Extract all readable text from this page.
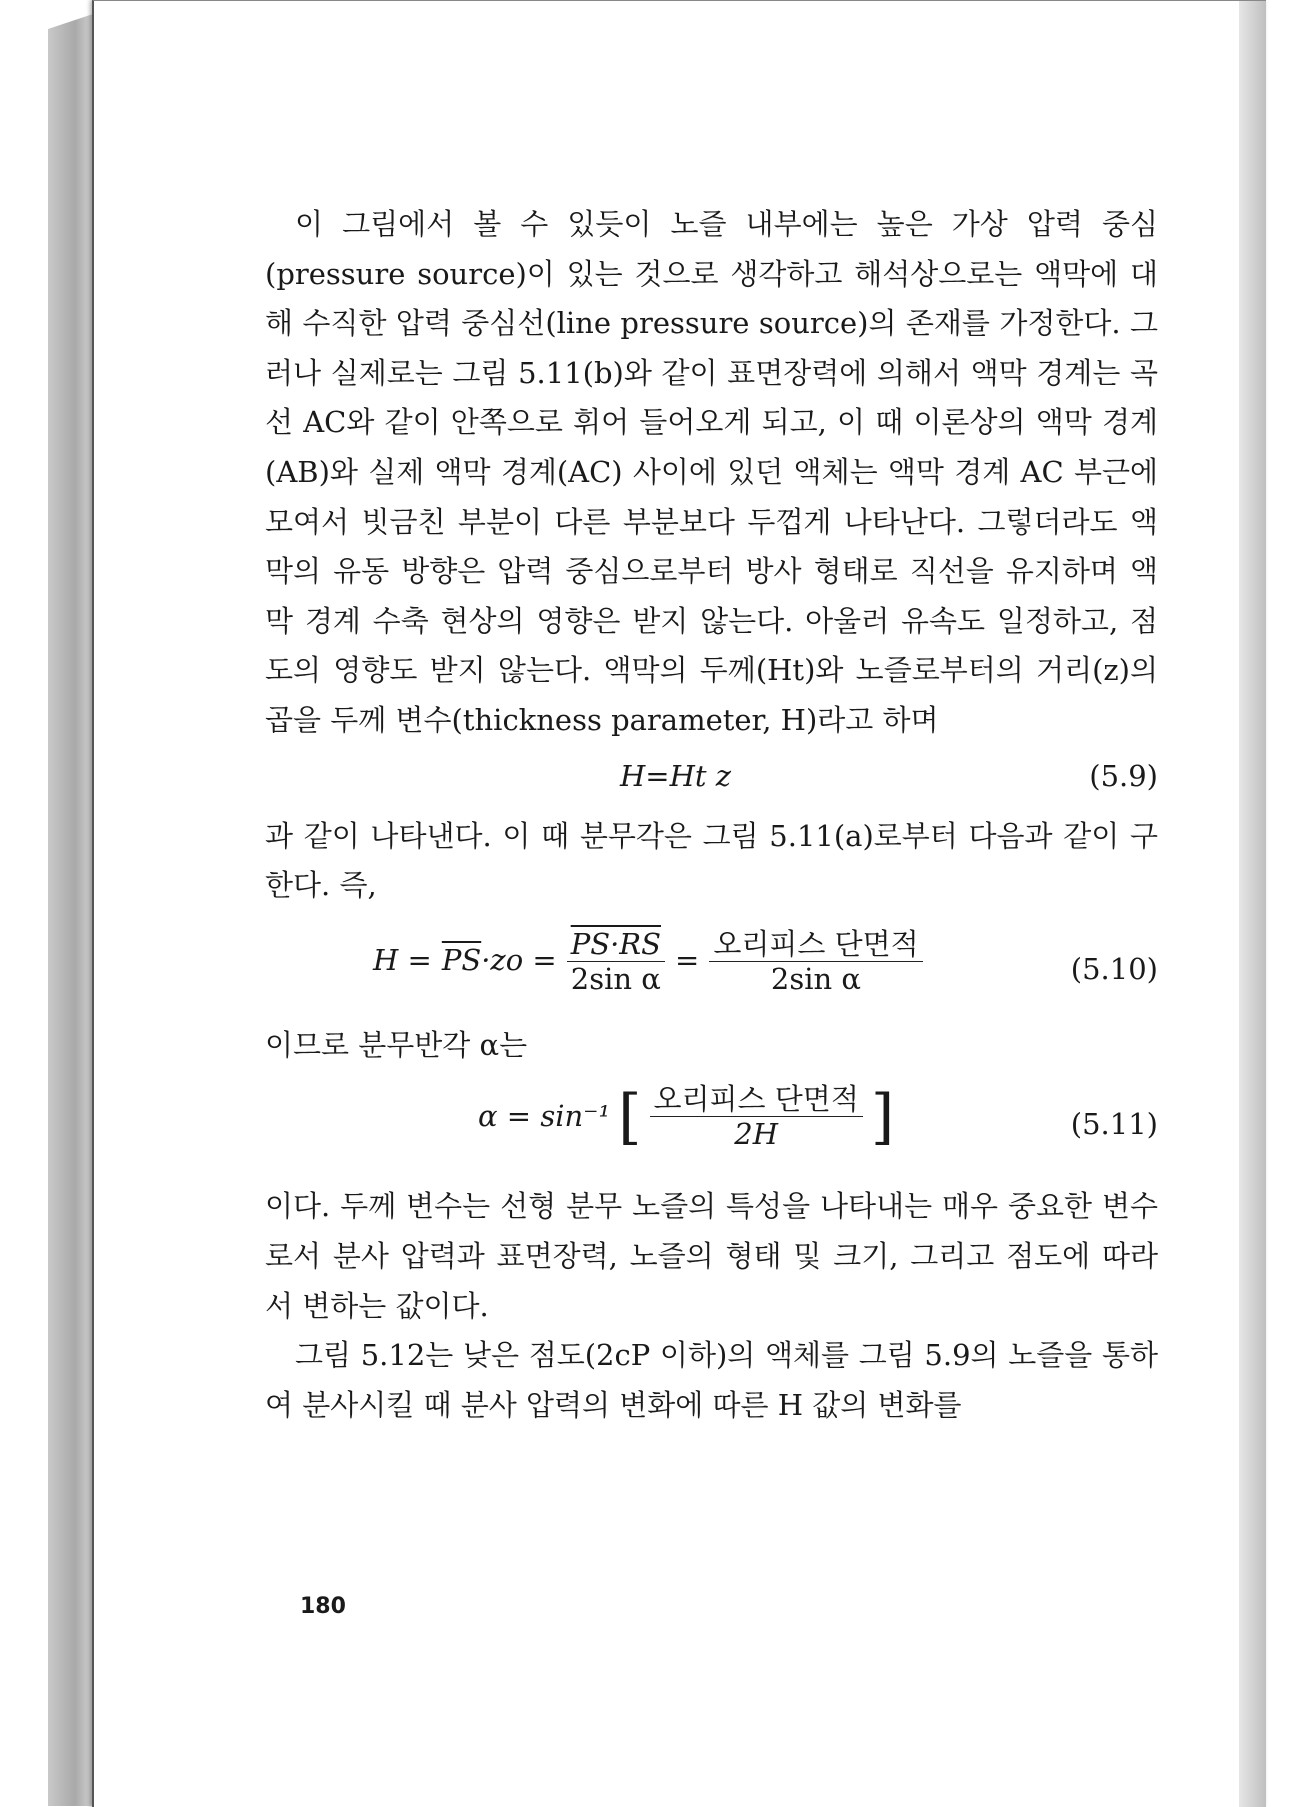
이 그림에서 볼 수 있듯이 노즐 내부에는 높은 가상 압력 중심(pressure source)이 있는 것으로 생각하고 해석상으로는 액막에 대해 수직한 압력 중심선(line pressure source)의 존재를 가정한다. 그러나 실제로는 그림 5.11(b)와 같이 표면장력에 의해서 액막 경계는 곡선 AC와 같이 안쪽으로 휘어 들어오게 되고, 이 때 이론상의 액막 경계(AB)와 실제 액막 경계(AC) 사이에 있던 액체는 액막 경계 AC 부근에 모여서 빗금친 부분이 다른 부분보다 두껍게 나타난다. 그렇더라도 액막의 유동 방향은 압력 중심으로부터 방사 형태로 직선을 유지하며 액막 경계 수축 현상의 영향은 받지 않는다. 아울러 유속도 일정하고, 점도의 영향도 받지 않는다. 액막의 두께(Ht)와 노즐로부터의 거리(z)의 곱을 두께 변수(thickness parameter, H)라고 하며

H=Ht z	(5.9)

과 같이 나타낸다. 이 때 분무각은 그림 5.11(a)로부터 다음과 같이 구한다. 즉,

$H = \overline{PS}\cdot zo = \frac{PS\cdot RS}{\text{2sin α}} = \frac{\text{오리피스 단면적}}{\text{2sin α}}$	(5.10)

이므로 분무반각 α는

α = sin⁻¹ [ $\frac{\text{오리피스 단면적}}{2H}$ ]	(5.11)

이다. 두께 변수는 선형 분무 노즐의 특성을 나타내는 매우 중요한 변수로서 분사 압력과 표면장력, 노즐의 형태 및 크기, 그리고 점도에 따라서 변하는 값이다.

그림 5.12는 낮은 점도(2cP 이하)의 액체를 그림 5.9의 노즐을 통하여 분사시킬 때 분사 압력의 변화에 따른 H 값의 변화를

180
